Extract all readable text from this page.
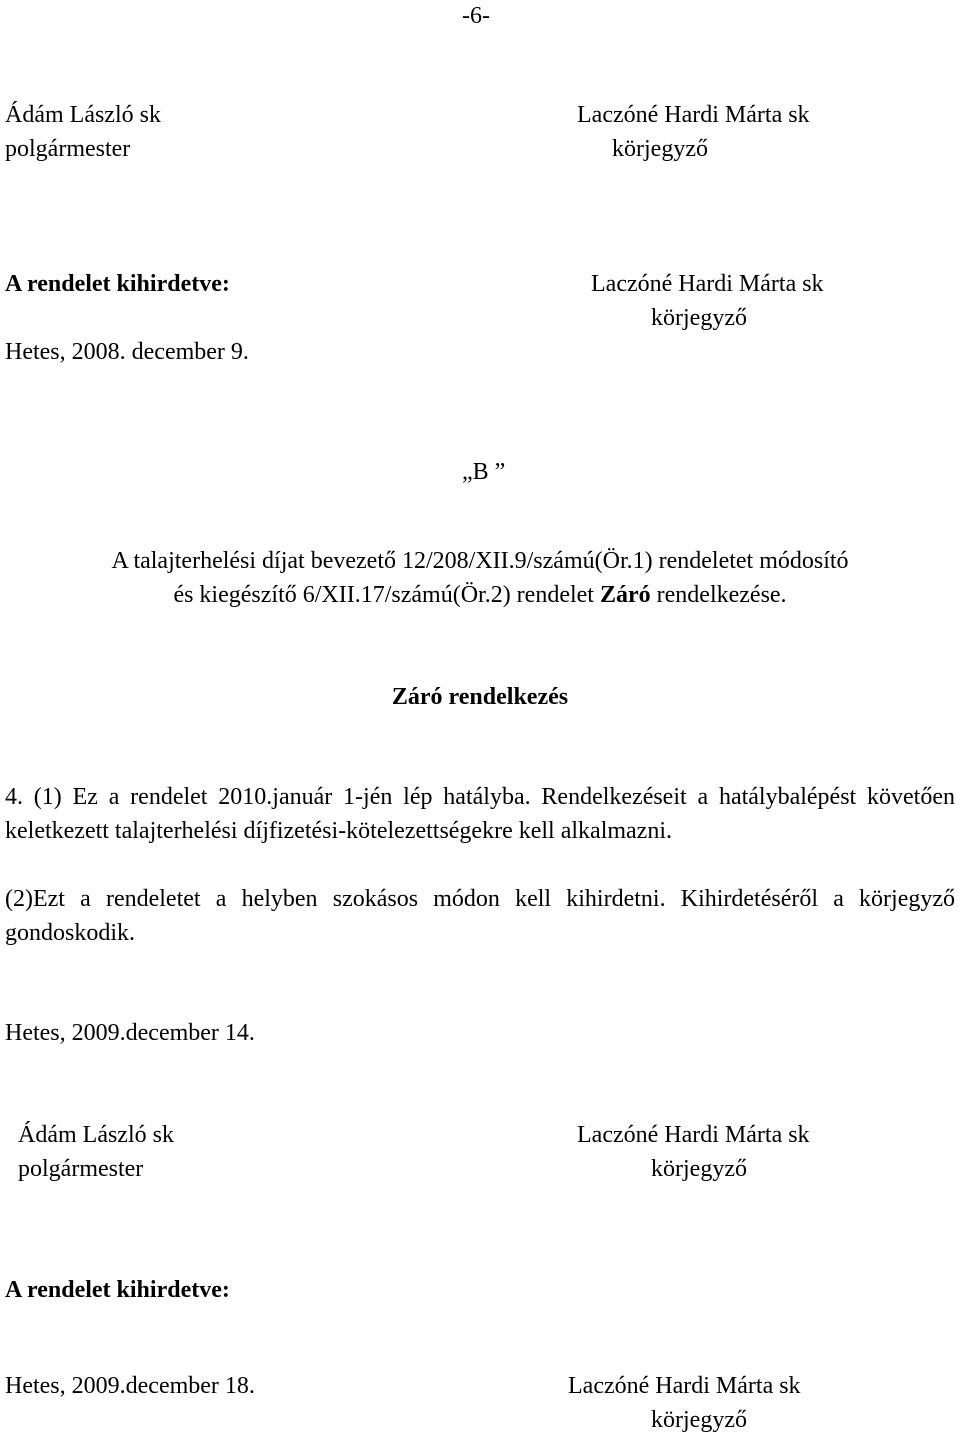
-6-
Ádám László sk
polgármester
Laczóné Hardi Márta sk
körjegyző
A rendelet kihirdetve:
Hetes, 2008. december 9.
Laczóné Hardi Márta sk
körjegyző
„B ”
A talajterhelési díjat bevezető 12/208/XII.9/számú(Ör.1) rendeletet módosító
és kiegészítő 6/XII.17/számú(Ör.2) rendelet Záró rendelkezése.
Záró rendelkezés
4. (1) Ez a rendelet 2010.január 1-jén lép hatályba. Rendelkezéseit a hatálybalépést követően keletkezett talajterhelési díjfizetési-kötelezettségekre kell alkalmazni.
(2)Ezt a rendeletet a helyben szokásos módon kell kihirdetni. Kihirdetéséről a körjegyző gondoskodik.
Hetes, 2009.december 14.
Ádám László sk
polgármester
Laczóné Hardi Márta sk
körjegyző
A rendelet kihirdetve:
Hetes, 2009.december 18.	Laczóné Hardi Márta sk
körjegyző
